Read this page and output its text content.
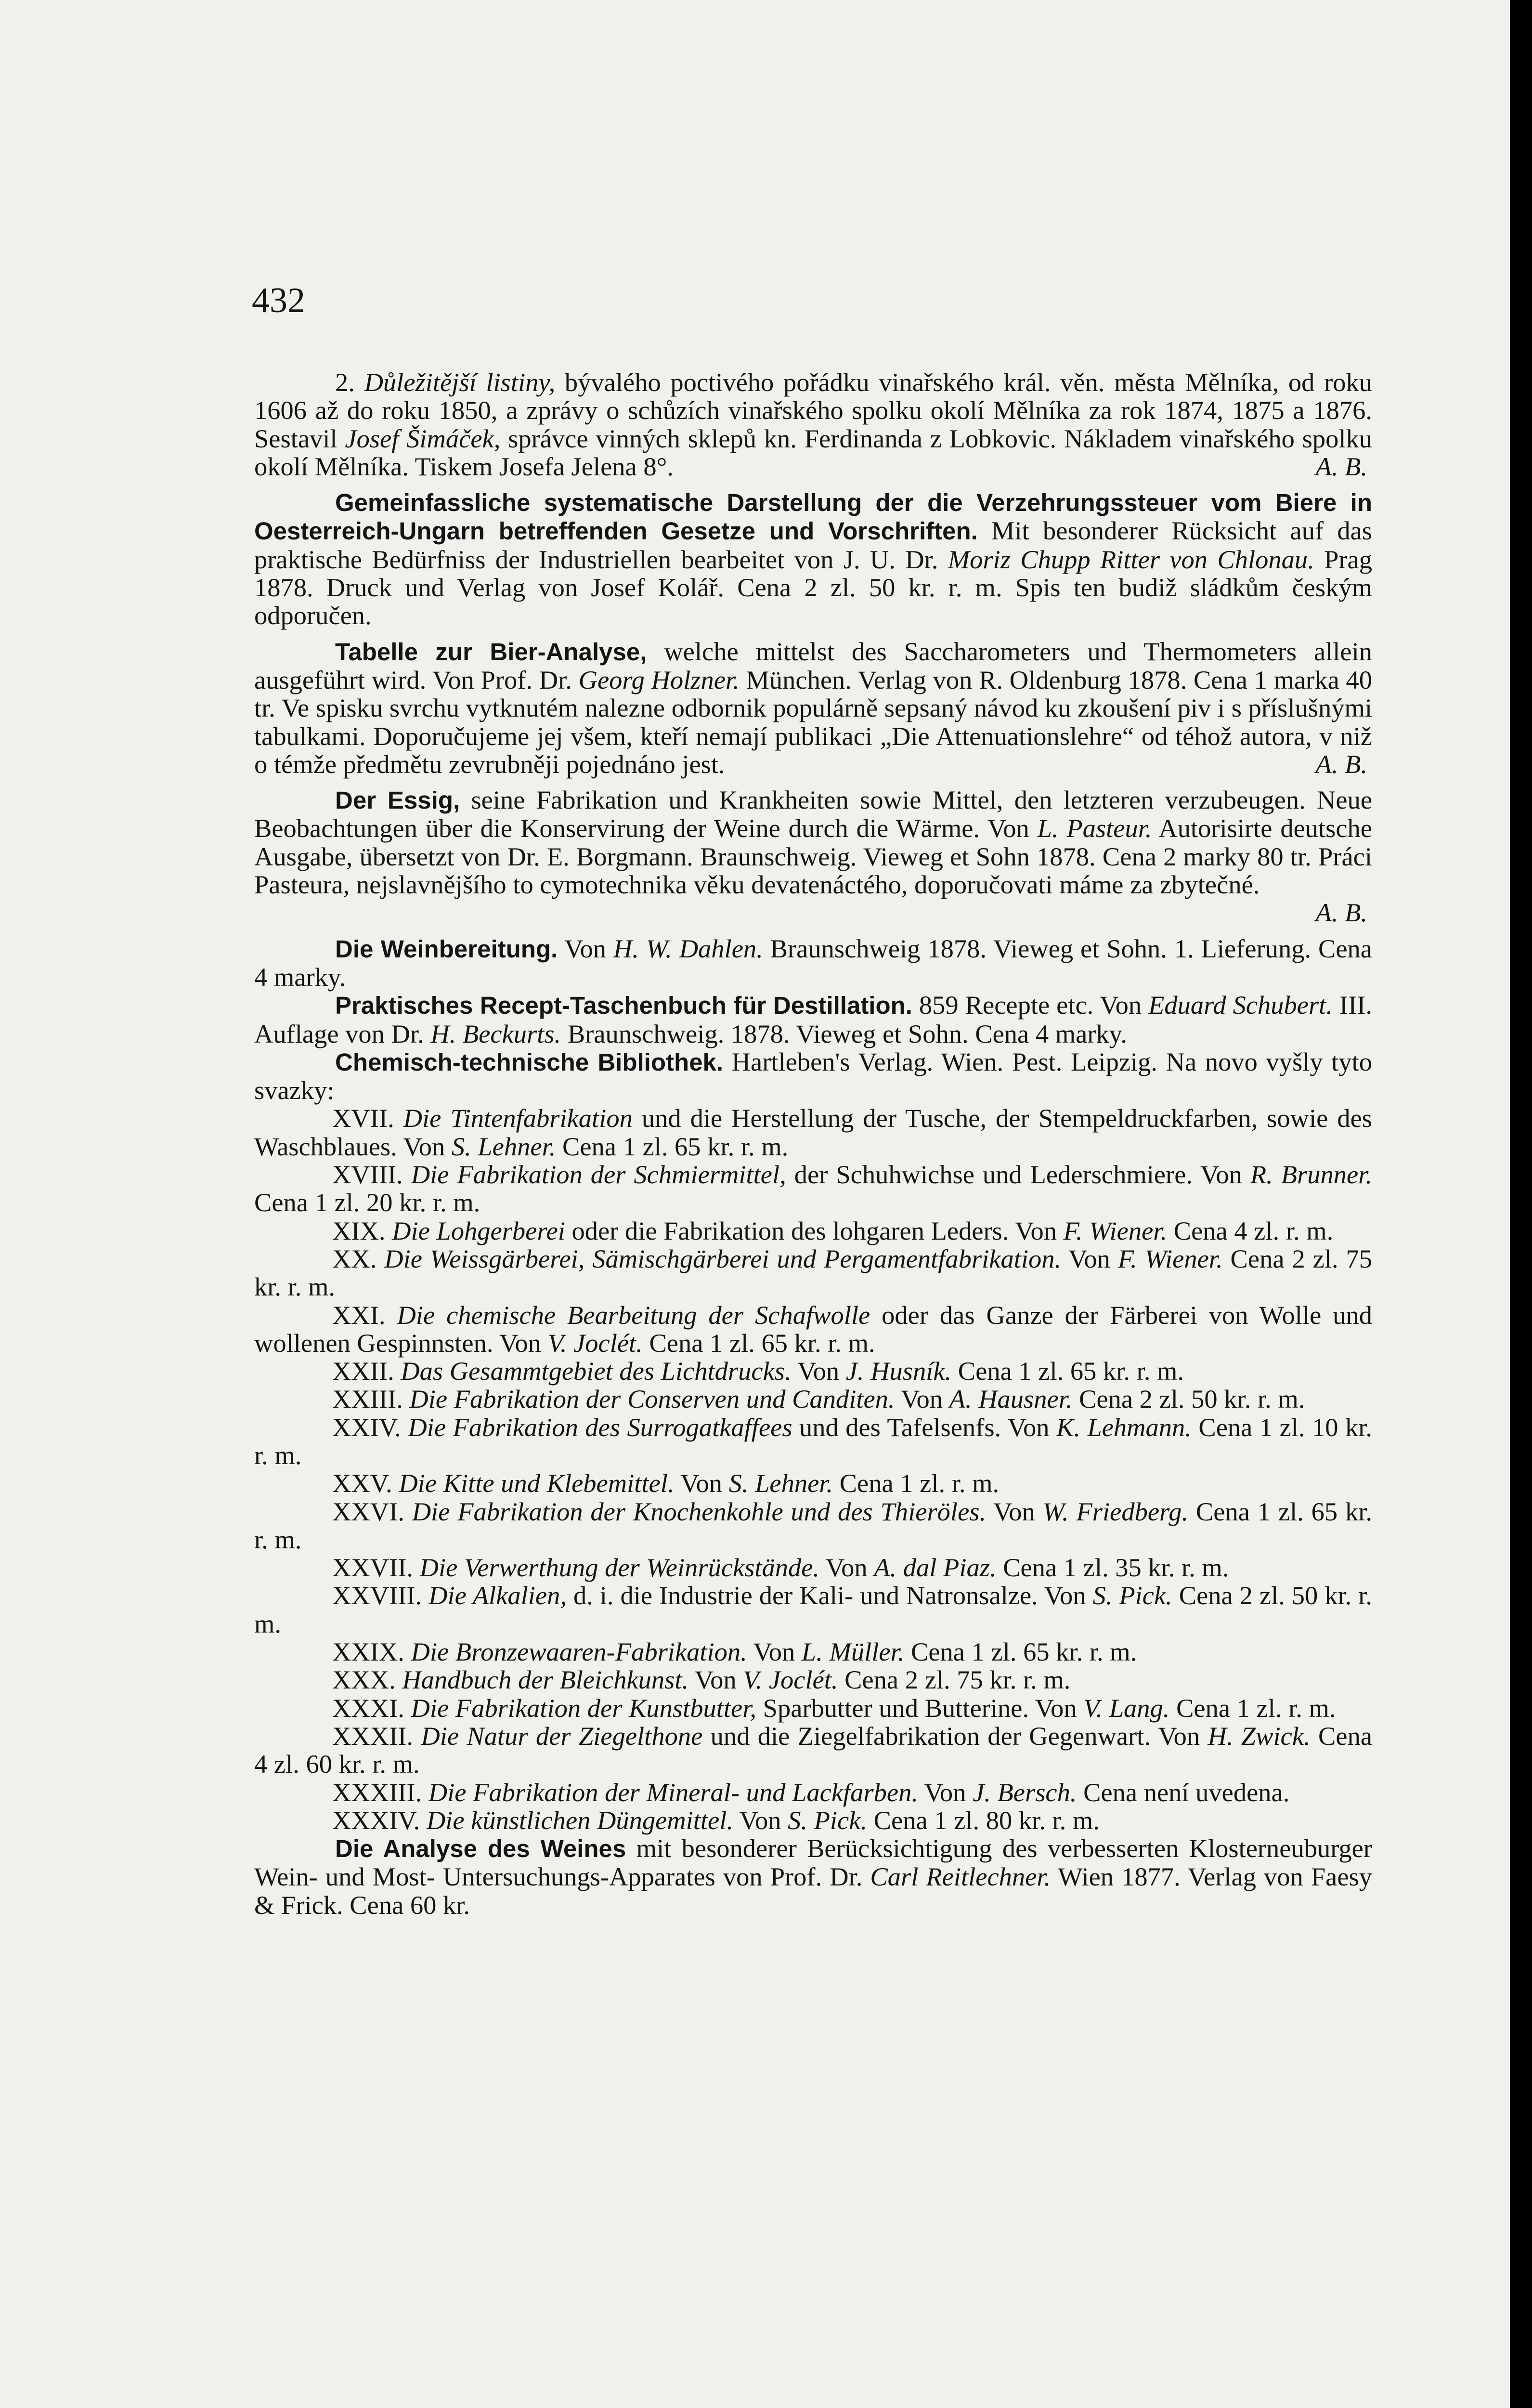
432

2. Důležitější listiny, bývalého poctivého pořádku vinařského král. věn. města Mělníka, od roku 1606 až do roku 1850, a zprávy o schůzích vinařského spolku okolí Mělníka za rok 1874, 1875 a 1876. Sestavil Josef Šimáček, správce vinných sklepů kn. Ferdinanda z Lobkovic. Nákladem vinařského spolku okolí Mělníka. Tiskem Josefa Jelena 8°.	A. B.

Gemeinfassliche systematische Darstellung der die Verzehrungssteuer vom Biere in Oesterreich-Ungarn betreffenden Gesetze und Vorschriften. Mit besonderer Rücksicht auf das praktische Bedürfniss der Industriellen bearbeitet von J. U. Dr. Moriz Chupp Ritter von Chlonau. Prag 1878. Druck und Verlag von Josef Kolář. Cena 2 zl. 50 kr. r. m. Spis ten budiž sládkům českým odporučen.

Tabelle zur Bier-Analyse, welche mittelst des Saccharometers und Thermometers allein ausgeführt wird. Von Prof. Dr. Georg Holzner. München. Verlag von R. Oldenburg 1878. Cena 1 marka 40 tr. Ve spisku svrchu vytknutém nalezne odbornik populárně sepsaný návod ku zkoušení piv i s příslušnými tabulkami. Doporučujeme jej všem, kteří nemají publikaci „Die Attenuationslehre“ od téhož autora, v niž o témže předmětu zevrubněji pojednáno jest.	A. B.

Der Essig, seine Fabrikation und Krankheiten sowie Mittel, den letzteren verzubeugen. Neue Beobachtungen über die Konservirung der Weine durch die Wärme. Von L. Pasteur. Autorisirte deutsche Ausgabe, übersetzt von Dr. E. Borgmann. Braunschweig. Vieweg et Sohn 1878. Cena 2 marky 80 tr. Práci Pasteura, nejslavnějšího to cymotechnika věku devatenáctého, doporučovati máme za zbytečné.

A. B.

Die Weinbereitung. Von H. W. Dahlen. Braunschweig 1878. Vieweg et Sohn. 1. Lieferung. Cena 4 marky.

Praktisches Recept-Taschenbuch für Destillation. 859 Recepte etc. Von Eduard Schubert. III. Auflage von Dr. H. Beckurts. Braunschweig. 1878. Vieweg et Sohn. Cena 4 marky.

Chemisch-technische Bibliothek. Hartleben's Verlag. Wien. Pest. Leipzig. Na novo vyšly tyto svazky:

XVII. Die Tintenfabrikation und die Herstellung der Tusche, der Stempeldruckfarben, sowie des Waschblaues. Von S. Lehner. Cena 1 zl. 65 kr. r. m.

XVIII. Die Fabrikation der Schmiermittel, der Schuhwichse und Lederschmiere. Von R. Brunner. Cena 1 zl. 20 kr. r. m.

XIX. Die Lohgerberei oder die Fabrikation des lohgaren Leders. Von F. Wiener. Cena 4 zl. r. m.

XX. Die Weissgärberei, Sämischgärberei und Pergamentfabrikation. Von F. Wiener. Cena 2 zl. 75 kr. r. m.

XXI. Die chemische Bearbeitung der Schafwolle oder das Ganze der Färberei von Wolle und wollenen Gespinnsten. Von V. Joclét. Cena 1 zl. 65 kr. r. m.

XXII. Das Gesammtgebiet des Lichtdrucks. Von J. Husník. Cena 1 zl. 65 kr. r. m.

XXIII. Die Fabrikation der Conserven und Canditen. Von A. Hausner. Cena 2 zl. 50 kr. r. m.

XXIV. Die Fabrikation des Surrogatkaffees und des Tafelsenfs. Von K. Lehmann. Cena 1 zl. 10 kr. r. m.

XXV. Die Kitte und Klebemittel. Von S. Lehner. Cena 1 zl. r. m.

XXVI. Die Fabrikation der Knochenkohle und des Thieröles. Von W. Friedberg. Cena 1 zl. 65 kr. r. m.

XXVII. Die Verwerthung der Weinrückstände. Von A. dal Piaz. Cena 1 zl. 35 kr. r. m.

XXVIII. Die Alkalien, d. i. die Industrie der Kali- und Natronsalze. Von S. Pick. Cena 2 zl. 50 kr. r. m.

XXIX. Die Bronzewaaren-Fabrikation. Von L. Müller. Cena 1 zl. 65 kr. r. m.

XXX. Handbuch der Bleichkunst. Von V. Joclét. Cena 2 zl. 75 kr. r. m.

XXXI. Die Fabrikation der Kunstbutter, Sparbutter und Butterine. Von V. Lang. Cena 1 zl. r. m.

XXXII. Die Natur der Ziegelthone und die Ziegelfabrikation der Gegenwart. Von H. Zwick. Cena 4 zl. 60 kr. r. m.

XXXIII. Die Fabrikation der Mineral- und Lackfarben. Von J. Bersch. Cena není uvedena.

XXXIV. Die künstlichen Düngemittel. Von S. Pick. Cena 1 zl. 80 kr. r. m.

Die Analyse des Weines mit besonderer Berücksichtigung des verbesserten Klosterneuburger Wein- und Most- Untersuchungs-Apparates von Prof. Dr. Carl Reitlechner. Wien 1877. Verlag von Faesy & Frick. Cena 60 kr.
